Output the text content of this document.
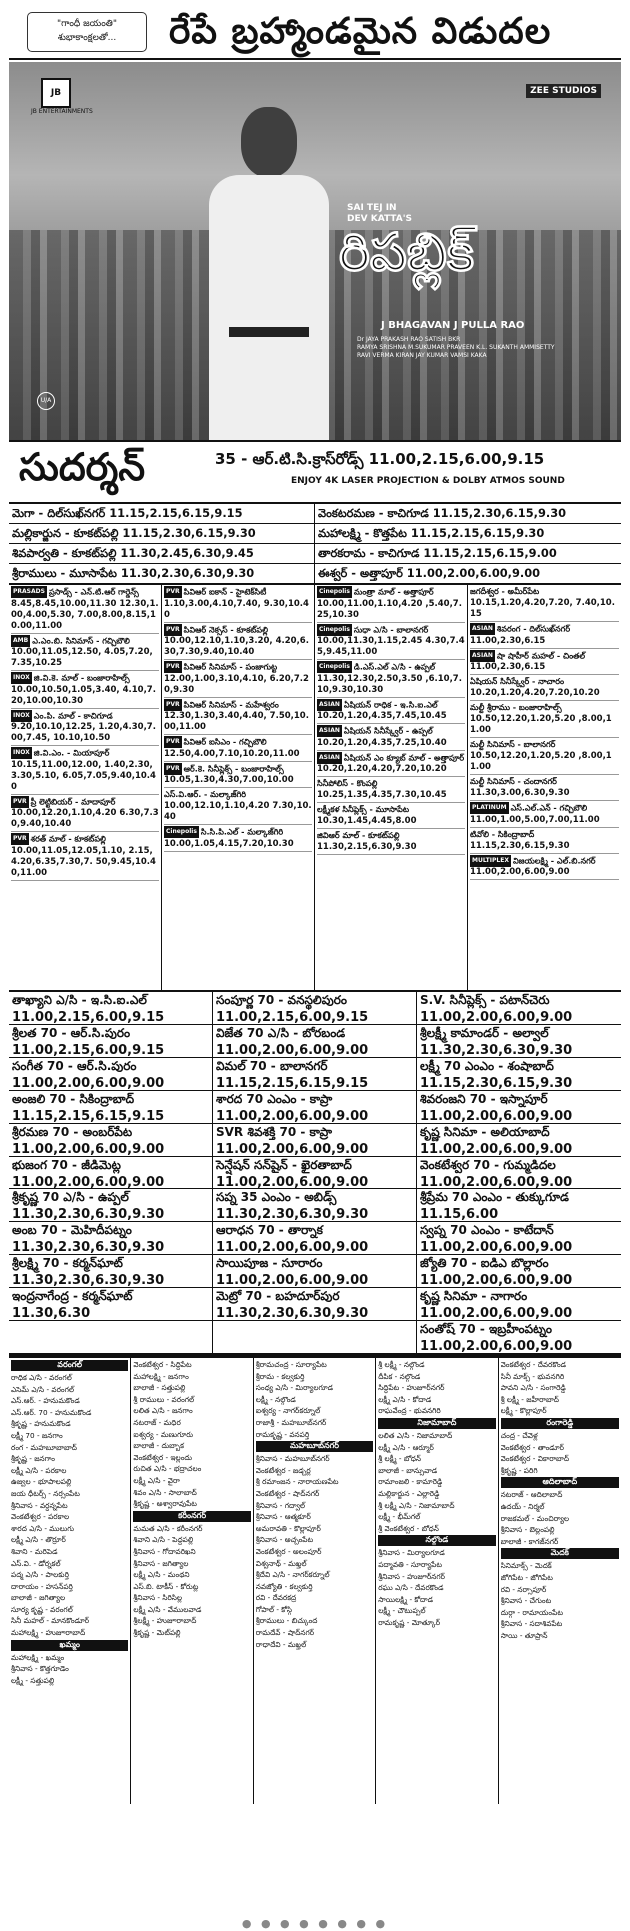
"గాంధీ జయంతి"
శుభాకాంక్షలతో...	రేపే బ్రహ్మాండమైన విడుదల
JB
JB ENTERTAINMENTS
ZEE STUDIOS
SAI TEJ IN
DEV KATTA'S
రిపబ్లిక్
J BHAGAVAN J PULLA RAO
Dr JAYA PRAKASH RAO SATISH BKR
RAMYA SRISHNA M.SUKUMAR PRAVEEN K.L. SUKANTH AMMISETTY
RAVI VERMA KIRAN JAY KUMAR VAMSI KAKA
U/A
సుదర్శన్	35 - ఆర్.టి.సి.క్రాస్‌రోడ్స్ 11.00,2.15,6.00,9.15
ENJOY 4K LASER PROJECTION & DOLBY ATMOS SOUND
మెగా - దిల్‌సుఖ్‌నగర్ 11.15,2.15,6.15,9.15	వెంకటరమణ - కాచిగూడ 11.15,2.30,6.15,9.30
మల్లికార్జున - కూకట్‌పల్లి 11.15,2.30,6.15,9.30	మహాలక్ష్మి - కొత్తపేట 11.15,2.15,6.15,9.30
శివపార్వతి - కూకట్‌పల్లి 11.30,2.45,6.30,9.45	తారకరామ - కాచిగూడ 11.15,2.15,6.15,9.00
శ్రీరాములు - మూసాపేట 11.30,2.30,6.30,9.30	ఈశ్వర్ - అత్తాపూర్ 11.00,2.00,6.00,9.00
PRASADS ప్రసాడ్స్ - ఎన్.టి.ఆర్ గార్డెన్స్
8.45,8.45,10.00,11.30 12.30,1.00,4.00,5.30, 7.00,8.00,8.15,10.00,11.00
AMB ఎ.ఎం.బి. సినిమాస్ - గచ్చిబౌలి
10.00,11.05,12.50, 4.05,7.20,7.35,10.25
INOX జి.వి.కె. మాల్ - బంజారాహిల్స్
10.00,10.50,1.05,3.40, 4.10,7.20,10.00,10.30
INOX ఎం.పి. మాల్ - కాచిగూడ
9.20,10.10,12.25, 1.20,4.30,7.00,7.45, 10.10,10.50
INOX జి.వి.ఎం. - మియాపూర్
10.15,11.00,12.00, 1.40,2.30,3.30,5.10, 6.05,7.05,9.40,10.40
PVR ప్రీ లెట్టిబియర్ - మాదాపూర్
10.00,12.20,1.10,4.20 6.30,7.30,9.40,10.40
PVR శరత్ మాల్ - కూకట్‌పల్లి
10.00,11.05,12.05,1.10, 2.15,4.20,6.35,7.30,7. 50,9.45,10.40,11.00
PVR పివిఆర్ ఐకాన్ - హైటెక్‌సిటీ
1.10,3.00,4.10,7.40, 9.30,10.40
PVR పివిఆర్ నెక్సస్ - కూకట్‌పల్లి
10.00,12.10,1.10,3.20, 4.20,6.30,7.30,9.40,10.40
PVR పివిఆర్ సినిమాస్ - పంజాగుట్ట
12.00,1.00,3.10,4.10, 6.20,7.20,9.30
PVR పివిఆర్ సినిమాస్ - మహేశ్వరం
12.30,1.30,3.40,4.40, 7.50,10.00,11.00
PVR పివిఆర్ ఐసిఎం - గచ్చిబౌలి
12.50,4.00,7.10,10.20,11.00
PVR ఆర్.కె. సినీప్లెక్స్ - బంజారాహిల్స్
10.05,1.30,4.30,7.00,10.00
ఎస్.వి.ఆర్. - మల్కాజ్‌గిరి
10.00,12.10,1.10,4.20 7.30,10.40
Cinepolis సి.సి.పి.ఎల్ - మల్కాజ్‌గిరి
10.00,1.05,4.15,7.20,10.30
Cinepolis మంత్రా మాల్ - అత్తాపూర్
10.00,11.00,1.10,4.20 ,5.40,7.25,10.30
Cinepolis సుధా ఎ/సి - బాలానగర్
10.00,11.30,1.15,2.45 4.30,7.45,9.45,11.00
Cinepolis డి.ఎస్.ఎల్ ఎ/సి - ఉప్పల్
11.30,12.30,2.50,3.50 ,6.10,7.10,9.30,10.30
ASIAN ఏషియన్ రాధిక - ఇ.సి.ఐ.ఎల్
10.20,1.20,4.35,7.45,10.45
ASIAN ఏషియన్ సినీస్క్వేర్ - ఉప్పల్
10.20,1.20,4.35,7.25,10.40
ASIAN ఏషియన్ ఎం క్యూబ్ మాల్ - అత్తాపూర్
10.20,1.20,4.20,7.20,10.20
సినీపోలిస్ - కొంపల్లి
10.25,1.35,4.35,7.30,10.45
లక్ష్మీకళ సినీప్లెక్స్ - మూసాపేట
10.30,1.45,4.45,8.00
జివిఆర్ మాల్ - కూకట్‌పల్లి
11.30,2.15,6.30,9.30
జగదీశ్వర - అమీర్‌పేట
10.15,1.20,4.20,7.20, 7.40,10.15
ASIAN శివరంగ - దిల్‌సుఖ్‌నగర్
11.00,2.30,6.15
ASIAN షా షాహీర్ మహల్ - చింతల్
11.00,2.30,6.15
ఏషియన్ సినీస్క్వేర్ - నాచారం
10.20,1.20,4.20,7.20,10.20
మల్టీ శ్రీరాము - బంజారాహిల్స్
10.50,12.20,1.20,5.20 ,8.00,11.00
మల్టీ సినిమాస్ - బాలానగర్
10.50,12.20,1.20,5.20 ,8.00,11.00
మల్టీ సినిమాస్ - చందానగర్
11.30,3.00,6.30,9.30
PLATINUM ఎస్.ఎల్.ఎన్ - గచ్చిబౌలి
11.00,1.00,5.00,7.00,11.00
టివోలి - సికింద్రాబాద్
11.15,2.30,6.15,9.30
MULTIPLEX విజయలక్ష్మి - ఎల్.బి.నగర్
11.00,2.00,6.00,9.00
తాఖ్యాని ఎ/సి - ఇ.సి.ఐ.ఎల్
11.00,2.15,6.00,9.15
సంపూర్ణ 70 - వనస్థలిపురం
11.00,2.15,6.00,9.15
S.V. సినీప్లెక్స్ - పటాన్‌చెరు
11.00,2.00,6.00,9.00
శ్రీలత 70 - ఆర్.సి.పురం
11.00,2.15,6.00,9.15
విజేత 70 ఎ/సి - బోరబండ
11.00,2.00,6.00,9.00
శ్రీలక్ష్మీ కామాండర్ - అల్వాల్
11.30,2.30,6.30,9.30
సంగీత 70 - ఆర్.సి.పురం
11.00,2.00,6.00,9.00
విమల్ 70 - బాలానగర్
11.15,2.15,6.15,9.15
లక్ష్మీ 70 ఎంఎం - శంషాబాద్
11.15,2.30,6.15,9.30
అంజలి 70 - సికింద్రాబాద్
11.15,2.15,6.15,9.15
శారద 70 ఎంఎం - కాప్రా
11.00,2.00,6.00,9.00
శివరంజని 70 - ఇస్నాపూర్
11.00,2.00,6.00,9.00
శ్రీరమణ 70 - అంబర్‌పేట
11.00,2.00,6.00,9.00
SVR శివశక్తి 70 - కాప్రా
11.00,2.00,6.00,9.00
కృష్ణ సినిమా - అలియాబాద్
11.00,2.00,6.00,9.00
భుజంగ 70 - జీడిమెట్ల
11.00,2.00,6.00,9.00
సెన్షేషన్ సన్‌షైన్ - ఖైరతాబాద్
11.00,2.00,6.00,9.00
వెంకటేశ్వర 70 - గుమ్మడిదల
11.00,2.00,6.00,9.00
శ్రీకృష్ణ 70 ఎ/సి - ఉప్పల్
11.30,2.30,6.30,9.30
సప్న 35 ఎంఎం - అబిడ్స్
11.30,2.30,6.30,9.30
శ్రీప్రేమ 70 ఎంఎం - తుక్కుగూడ
11.15,6.00
అంబ 70 - మెహిదీపట్నం
11.30,2.30,6.30,9.30
ఆరాధన 70 - తార్నాక
11.00,2.00,6.00,9.00
స్వప్న 70 ఎంఎం - కాటేదాన్
11.00,2.00,6.00,9.00
శ్రీలక్ష్మి 70 - కర్మన్‌ఘాట్
11.30,2.30,6.30,9.30
సాయిపూజ - సూరారం
11.00,2.00,6.00,9.00
జ్యోతి 70 - ఐడిఎ బొల్లారం
11.00,2.00,6.00,9.00
ఇంద్రనాగేంద్ర - కర్మన్‌ఘాట్
11.30,6.30
మెట్రో 70 - బహదూర్‌పుర
11.30,2.30,6.30,9.30
కృష్ణ సినిమా - నాగారం
11.00,2.00,6.00,9.00
సంతోష్ 70 - ఇబ్రహీంపట్నం
11.00,2.00,6.00,9.00
వరంగల్
రాధిక ఎ/సి - వరంగల్
ఎసెమ్ ఎ/సి - వరంగల్
ఎస్.ఆర్. - హనుమకొండ
ఎస్.ఆర్. 70 - హనుమకొండ
శ్రీకృష్ణ - హనుమకొండ
లక్ష్మీ 70 - జనగాం
రంగ - మహబూబాబాద్
శ్రీకృష్ణ - జనగాం
లక్ష్మీ ఎ/సి - పరకాల
ఉజ్వల - భూపాలపల్లి
జయ ధీటర్స్ - నర్సంపేట
శ్రీనివాస - వర్ధన్నపేట
వెంకటేశ్వర - పరకాల
శారద ఎ/సి - ములుగు
లక్ష్మీ ఎ/సి - తొర్రూర్
శివాని - మరిపెడ
ఎస్.వి. - డోర్నకల్
పద్మ ఎ/సి - పాలకుర్తి
దారాయం - హసన్‌పర్తి
బాలాజీ - జగిత్యాల
సూర్య కృష్ణ - వరంగల్
సినీ మహల్ - మానకొండూర్
మహాలక్ష్మి - హుజూరాబాద్
ఖమ్మం
మహాలక్ష్మి - ఖమ్మం
శ్రీనివాస - కొత్తగూడెం
లక్ష్మీ - సత్తుపల్లి
వెంకటేశ్వర - సిద్దిపేట
మహాలక్ష్మి - జనగాం
బాలాజీ - సత్తుపల్లి
శ్రీ రాములు - వరంగల్
లలిత ఎ/సి - జనగాం
నటరాజ్ - మధిర
ఐశ్వర్య - మణుగూరు
బాలాజీ - దుబ్బాక
వెంకటేశ్వర - ఇల్లందు
రుచిత ఎ/సి - భద్రాచలం
లక్ష్మీ ఎ/సి - వైరా
శివం ఎ/సి - సాలాబాద్
శ్రీకృష్ణ - అశ్వారావుపేట
కరీంనగర్
మమత ఎ/సి - కరీంనగర్
శివాని ఎ/సి - పెద్దపల్లి
శ్రీనివాస - గోదావరిఖని
శ్రీనివాస - జగిత్యాల
లక్ష్మీ ఎ/సి - మంథని
ఎస్.బి. టాకీస్ - కోరుట్ల
శ్రీనివాస - సిరిసిల్ల
లక్ష్మీ ఎ/సి - వేములవాడ
శ్రీలక్ష్మీ - హుజూరాబాద్
శ్రీకృష్ణ - మెట్‌పల్లి
శ్రీరామచంద్ర - సూర్యాపేట
శ్రీరామ - కల్వకుర్తి
సంధ్య ఎ/సి - మిర్యాలగూడ
లక్ష్మీ - నల్గొండ
ఐశ్వర్య - నాగర్‌కర్నూల్
రాజాశ్రీ - మహబూబ్‌నగర్
రామకృష్ణ - వనపర్తి
మహబూబ్‌నగర్
శ్రీనివాస - మహబూబ్‌నగర్
వెంకటేశ్వర - జడ్చర్ల
శ్రీ రమాంజన - నారాయణపేట
వెంకటేశ్వర - షాద్‌నగర్
శ్రీనివాస - గద్వాల్
శ్రీనివాస - ఆత్మకూర్
అమరావతి - కొల్లాపూర్
శ్రీనివాస - అచ్చంపేట
వెంకటేశ్వర - అలంపూర్
విశ్వనాథ్ - మఖ్తల్
శ్రీదేవి ఎ/సి - నాగర్‌కర్నూల్
నవజ్యోతి - కల్వకుర్తి
రవి - దేవరకద్ర
గోపాల్ - కోస్గి
శ్రీరాములు - బిచ్కుంద
రామదేవ్ - షాద్‌నగర్
రాధాదేవి - మఖ్తల్
శ్రీ లక్ష్మీ - నల్గొండ
దీపిక - నల్గొండ
సిద్ధిపేట - హుజూర్‌నగర్
లక్ష్మీ ఎ/సి - కోదాడ
రాఘవేంద్ర - భువనగిరి
నిజామాబాద్
లలిత ఎ/సి - నిజామాబాద్
లక్ష్మీ ఎ/సి - ఆర్మూర్
శ్రీ లక్ష్మీ - బోధన్
బాలాజీ - బాన్సువాడ
రామాంజలి - కామారెడ్డి
మల్లికార్జున - ఎల్లారెడ్డి
శ్రీ లక్ష్మీ ఎ/సి - నిజామాబాద్
లక్ష్మీ - భీమ్‌గల్
శ్రీ వెంకటేశ్వర - బోధన్
నల్గొండ
శ్రీనివాస - మిర్యాలగూడ
పద్మావతి - సూర్యాపేట
శ్రీనివాస - హుజూర్‌నగర్
రఘు ఎ/సి - దేవరకొండ
సాయిలక్ష్మి - కోదాడ
లక్ష్మీ - చౌటుప్పల్
రామకృష్ణ - మోత్కూర్
వెంకటేశ్వర - దేవరకొండ
సినీ మాక్స్ - భువనగిరి
పావని ఎ/సి - సంగారెడ్డి
శ్రీ లక్ష్మీ - జహీరాబాద్
లక్ష్మీ - కొల్లాపూర్
రంగారెడ్డి
చంద్ర - చేవెళ్ల
వెంకటేశ్వర - తాండూర్
వెంకటేశ్వర - వికారాబాద్
శ్రీకృష్ణ - పరిగి
ఆదిలాబాద్
నటరాజ్ - ఆదిలాబాద్
ఉదయ్ - నిర్మల్
రాజకమల్ - మంచిర్యాల
శ్రీనివాస - బెల్లంపల్లి
బాలాజీ - కాగజ్‌నగర్
మెదక్
సినిమాక్స్ - మెదక్
జోగిపేట - జోగిపేట
రవి - నర్సాపూర్
శ్రీనివాస - చేగుంట
దుర్గా - రామాయంపేట
శ్రీనివాస - సదాశివపేట
సాయి - తూప్రాన్
● ● ● ● ● ● ● ●
